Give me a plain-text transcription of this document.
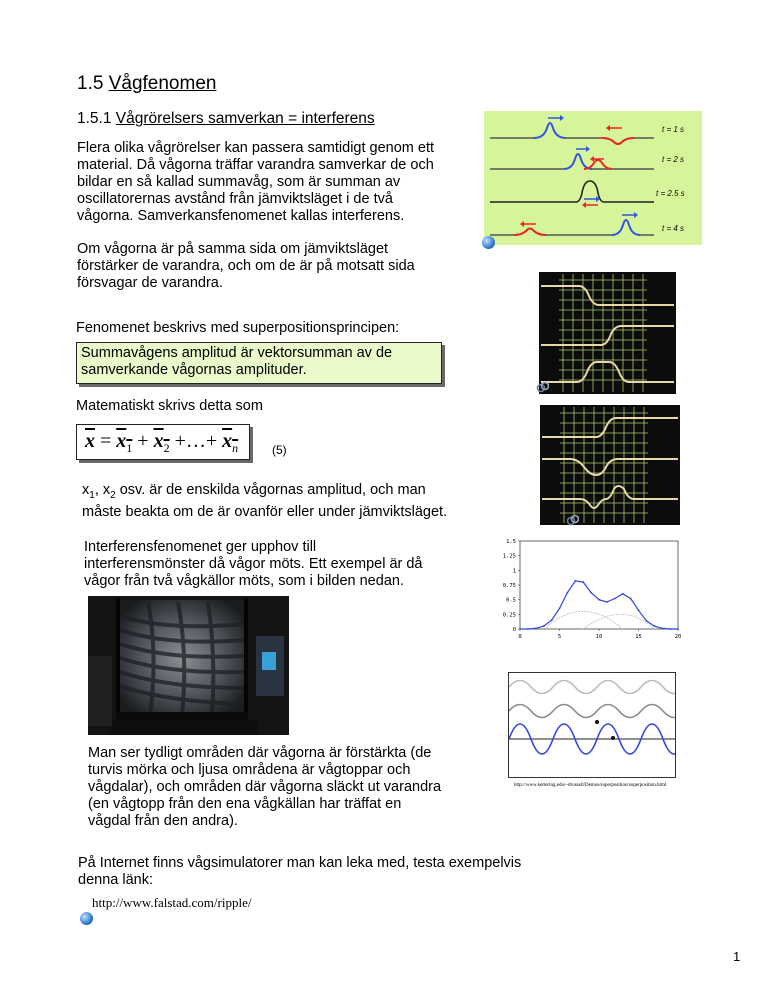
1.5 Vågfenomen
1.5.1 Vågrörelsers samverkan = interferens
Flera olika vågrörelser kan passera samtidigt genom ett
material. Då vågorna träffar varandra samverkar de och
bildar en så kallad summavåg, som är summan av
oscillatorernas avstånd från jämviktsläget i de två
vågorna. Samverkansfenomenet kallas interferens.
Om vågorna är på samma sida om jämviktsläget
förstärker de varandra, och om de är på motsatt sida
försvagar de varandra.
Fenomenet beskrivs med superpositionsprincipen:
Summavågens amplitud är vektorsumman av de
samverkande vågornas amplituder.
Matematiskt skrivs detta som
$\overline{x} = x_1 + x_2$ +…+ $x_n$	(5)
$x_1$, $x_2$ osv. är de enskilda vågornas amplitud, och man
måste beakta om de är ovanför eller under jämviktsläget.
Interferensfenomenet ger upphov till
interferensmönster då vågor möts. Ett exempel är då
vågor från två vågkällor möts, som i bilden nedan.
Man ser tydligt områden där vågorna är förstärkta (de
turvis mörka och ljusa områdena är vågtoppar och
vågdalar), och områden där vågorna släckt ut varandra
(en vågtopp från den ena vågkällan har träffat en
vågdal från den andra).
På Internet finns vågsimulatorer man kan leka med, testa exempelvis
denna länk:
http://www.falstad.com/ripple/
t = 1 s
t = 2 s
t = 2.5 s
t = 4 s
0
0.25
0.5
0.75
1
1.25
1.5
0	5	10	15	20
http://www.kettering.edu/~drussell/Demos/superposition/superposition.html
1
